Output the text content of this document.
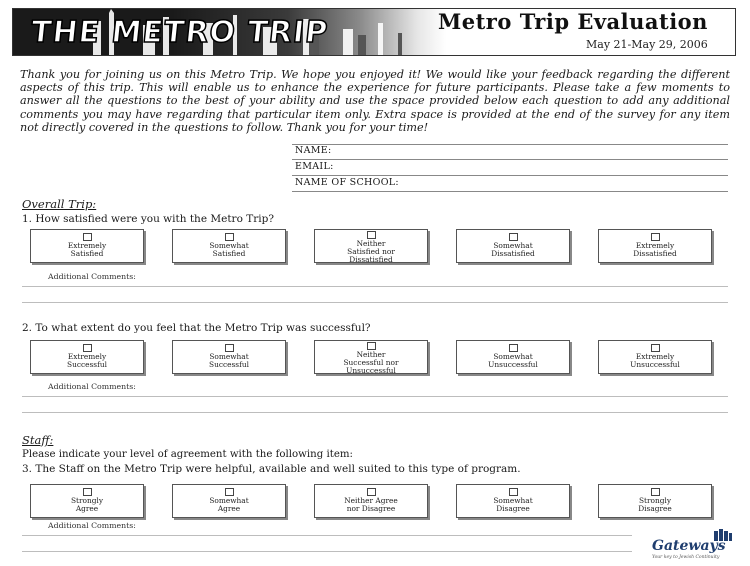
THE METRO TRIP	Metro Trip Evaluation
May 21-May 29, 2006
Thank you for joining us on this Metro Trip. We hope you enjoyed it! We would like your feedback regarding the different aspects of this trip. This will enable us to enhance the experience for future participants. Please take a few moments to answer all the questions to the best of your ability and use the space provided below each question to add any additional comments you may have regarding that particular item only. Extra space is provided at the end of the survey for any item not directly covered in the questions to follow. Thank you for your time!
NAME:
EMAIL:
NAME OF SCHOOL:
Overall Trip:
1. How satisfied were you with the Metro Trip?
Extremely
Satisfied
Somewhat
Satisfied
Neither
Satisfied nor
Dissatisfied
Somewhat
Dissatisfied
Extremely
Dissatisfied
Additional Comments:
2. To what extent do you feel that the Metro Trip was successful?
Extremely
Successful
Somewhat
Successful
Neither
Successful nor
Unsuccessful
Somewhat
Unsuccessful
Extremely
Unsuccessful
Additional Comments:
Staff:
Please indicate your level of agreement with the following item:
3. The Staff on the Metro Trip were helpful, available and well suited to this type of program.
Strongly
Agree
Somewhat
Agree
Neither Agree
nor Disagree
Somewhat
Disagree
Strongly
Disagree
Additional Comments:
Gateways
Your key to Jewish Continuity
